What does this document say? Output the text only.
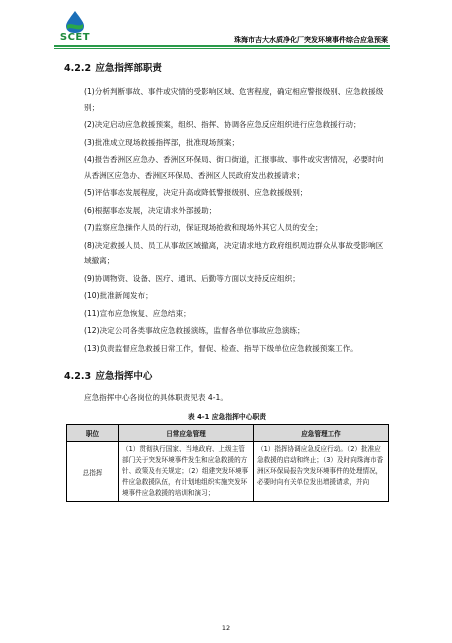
SCET	珠海市吉大水质净化厂突发环境事件综合应急预案
4.2.2 应急指挥部职责
(1)分析判断事故、事件或灾情的受影响区域、危害程度，确定相应警报级别、应急救援级别；
(2)决定启动应急救援预案，组织、指挥、协调各应急反应组织进行应急救援行动；
(3)批准成立现场救援指挥部，批准现场预案；
(4)报告香洲区应急办、香洲区环保局、街口街道，汇报事故、事件或灾害情况，必要时向从香洲区应急办、香洲区环保局、香洲区人民政府发出救援请求；
(5)评估事态发展程度，决定升高或降低警报级别、应急救援级别；
(6)根据事态发展，决定请求外部援助；
(7)监察应急操作人员的行动，保证现场抢救和现场外其它人员的安全；
(8)决定救援人员、员工从事故区域撤离，决定请求地方政府组织周边群众从事故受影响区域撤离；
(9)协调物资、设备、医疗、通讯、后勤等方面以支持反应组织；
(10)批准新闻发布；
(11)宣布应急恢复、应急结束；
(12)决定公司各类事故应急救援演练，监督各单位事故应急演练；
(13)负责监督应急救援日常工作，督促、检查、指导下级单位应急救援预案工作。
4.2.3 应急指挥中心
应急指挥中心各岗位的具体职责见表 4-1。
表 4-1 应急指挥中心职责
职位	日常应急管理	应急管理工作
总指挥	（1）贯彻执行国家、当地政府、上级主管部门关于突发环境事件发生和应急救援的方针、政策及有关规定；（2）组建突发环境事件应急救援队伍，有计划地组织实施突发环境事件应急救援的培训和演习；	（1）指挥协调应急反应行动。（2）批准应急救援的启动和终止；（3）及时向珠海市香洲区环保局报告突发环境事件的处理情况，必要时向有关单位发出增援请求，并向
12
